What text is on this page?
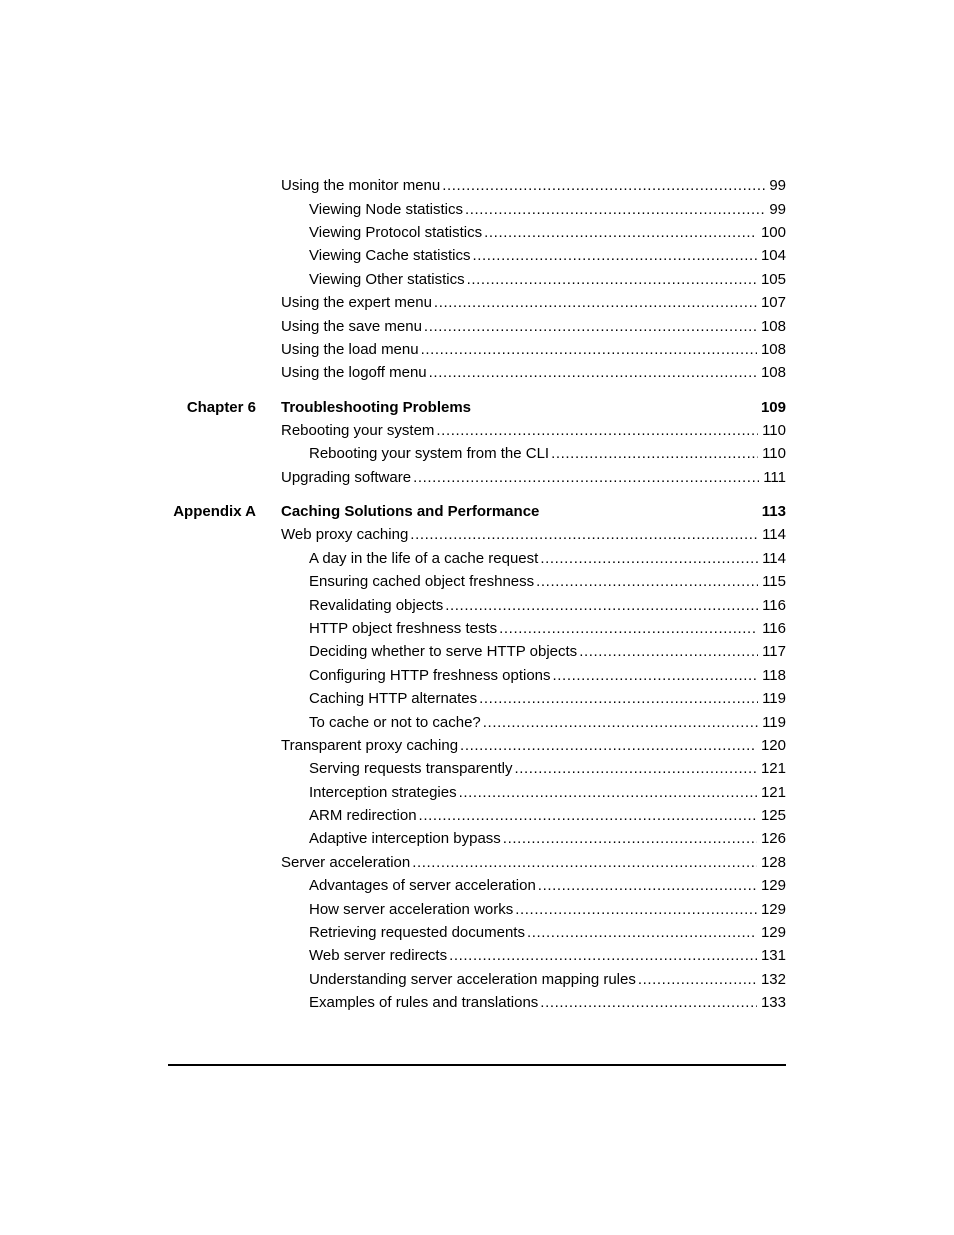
Using the monitor menu .....	99
Viewing Node statistics .....	99
Viewing Protocol statistics .....	100
Viewing Cache statistics .....	104
Viewing Other statistics .....	105
Using the expert menu .....	107
Using the save menu .....	108
Using the load menu .....	108
Using the logoff menu .....	108
Chapter 6 Troubleshooting Problems	109
Rebooting your system .....	110
Rebooting your system from the CLI .....	110
Upgrading software .....	111
Appendix A Caching Solutions and Performance	113
Web proxy caching .....	114
A day in the life of a cache request .....	114
Ensuring cached object freshness .....	115
Revalidating objects .....	116
HTTP object freshness tests .....	116
Deciding whether to serve HTTP objects .....	117
Configuring HTTP freshness options .....	118
Caching HTTP alternates .....	119
To cache or not to cache? .....	119
Transparent proxy caching .....	120
Serving requests transparently .....	121
Interception strategies .....	121
ARM redirection .....	125
Adaptive interception bypass .....	126
Server acceleration .....	128
Advantages of server acceleration .....	129
How server acceleration works .....	129
Retrieving requested documents .....	129
Web server redirects .....	131
Understanding server acceleration mapping rules .....	132
Examples of rules and translations .....	133
